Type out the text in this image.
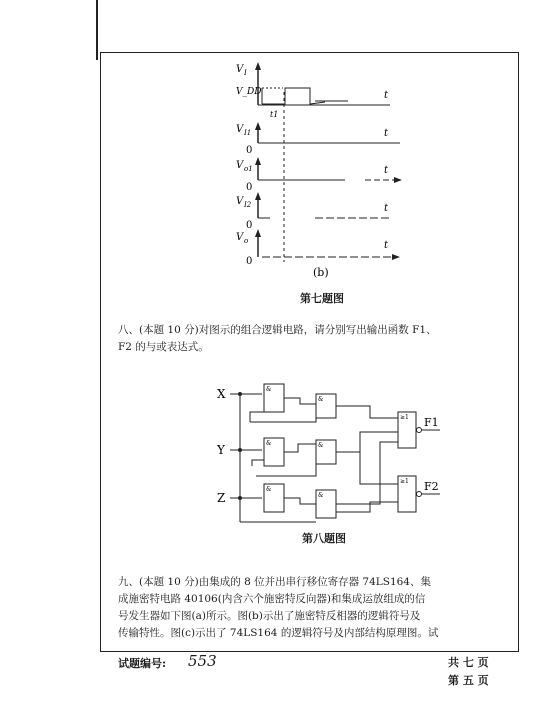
V I
V_DD
t1
t
V I1
0
t
V o1
0
t
V I2
0
t
V o
0
t
(b)
第七题图
八、(本题 10 分)对图示的组合逻辑电路，请分别写出输出函数 F1、
F2 的与或表达式。
X
Y
Z
&
&
&
&
&
&
≥1
≥1
F1
F2
第八题图
九、(本题 10 分)由集成的 8 位并出串行移位寄存器 74LS164、集
成施密特电路 40106(内含六个施密特反向器)和集成运放组成的信
号发生器如下图(a)所示。图(b)示出了施密特反相器的逻辑符号及
传输特性。图(c)示出了 74LS164 的逻辑符号及内部结构原理图。试
试题编号: 553	共 七 页
第 五 页
